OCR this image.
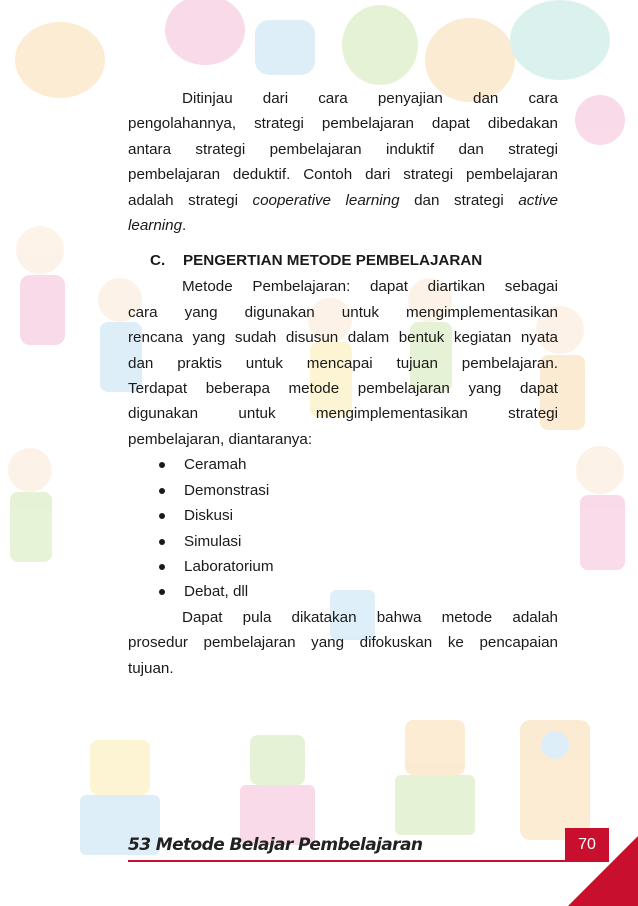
Ditinjau dari cara penyajian dan cara

pengolahannya, strategi pembelajaran dapat dibedakan

antara strategi pembelajaran induktif dan strategi

pembelajaran deduktif. Contoh dari strategi pembelajaran

adalah strategi cooperative learning dan strategi active

learning.

C. PENGERTIAN METODE PEMBELAJARAN

Metode Pembelajaran: dapat diartikan sebagai

cara yang digunakan untuk mengimplementasikan

rencana yang sudah disusun dalam bentuk kegiatan nyata

dan praktis untuk mencapai tujuan pembelajaran.

Terdapat beberapa metode pembelajaran yang dapat

digunakan untuk mengimplementasikan strategi

pembelajaran, diantaranya:

Ceramah
Demonstrasi
Diskusi
Simulasi
Laboratorium
Debat, dll

Dapat pula dikatakan bahwa metode adalah

prosedur pembelajaran yang difokuskan ke pencapaian

tujuan.

53 Metode Belajar Pembelajaran	70
